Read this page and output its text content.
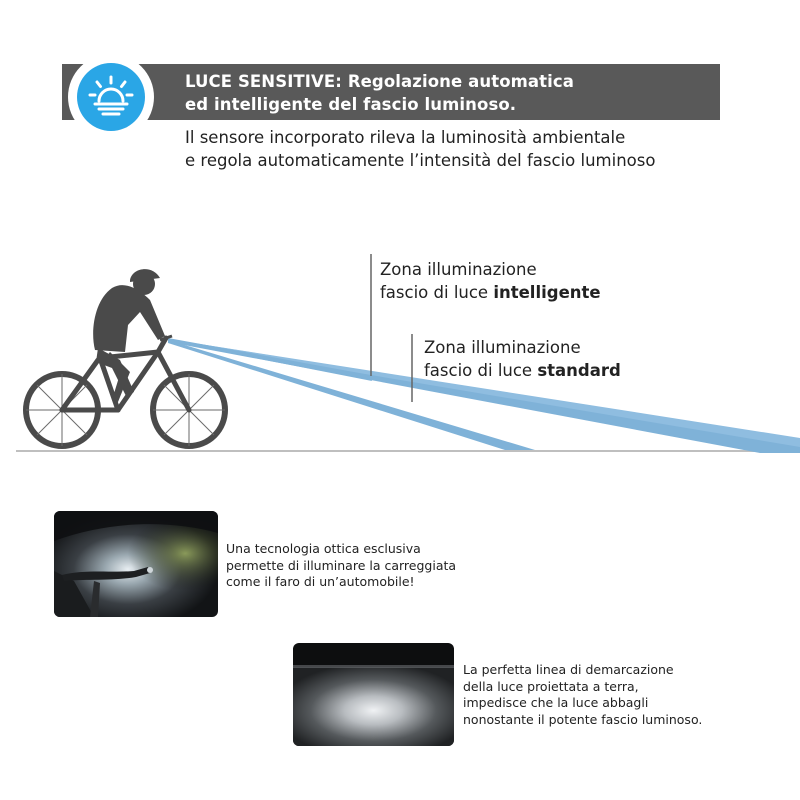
LUCE SENSITIVE: Regolazione automatica
ed intelligente del fascio luminoso.
Il sensore incorporato rileva la luminosità ambientale
e regola automaticamente l’intensità del fascio luminoso
Zona illuminazione
fascio di luce intelligente
Zona illuminazione
fascio di luce standard
Una tecnologia ottica esclusiva
permette di illuminare la carreggiata
come il faro di un’automobile!
La perfetta linea di demarcazione
della luce proiettata a terra,
impedisce che la luce abbagli
nonostante il potente fascio luminoso.
